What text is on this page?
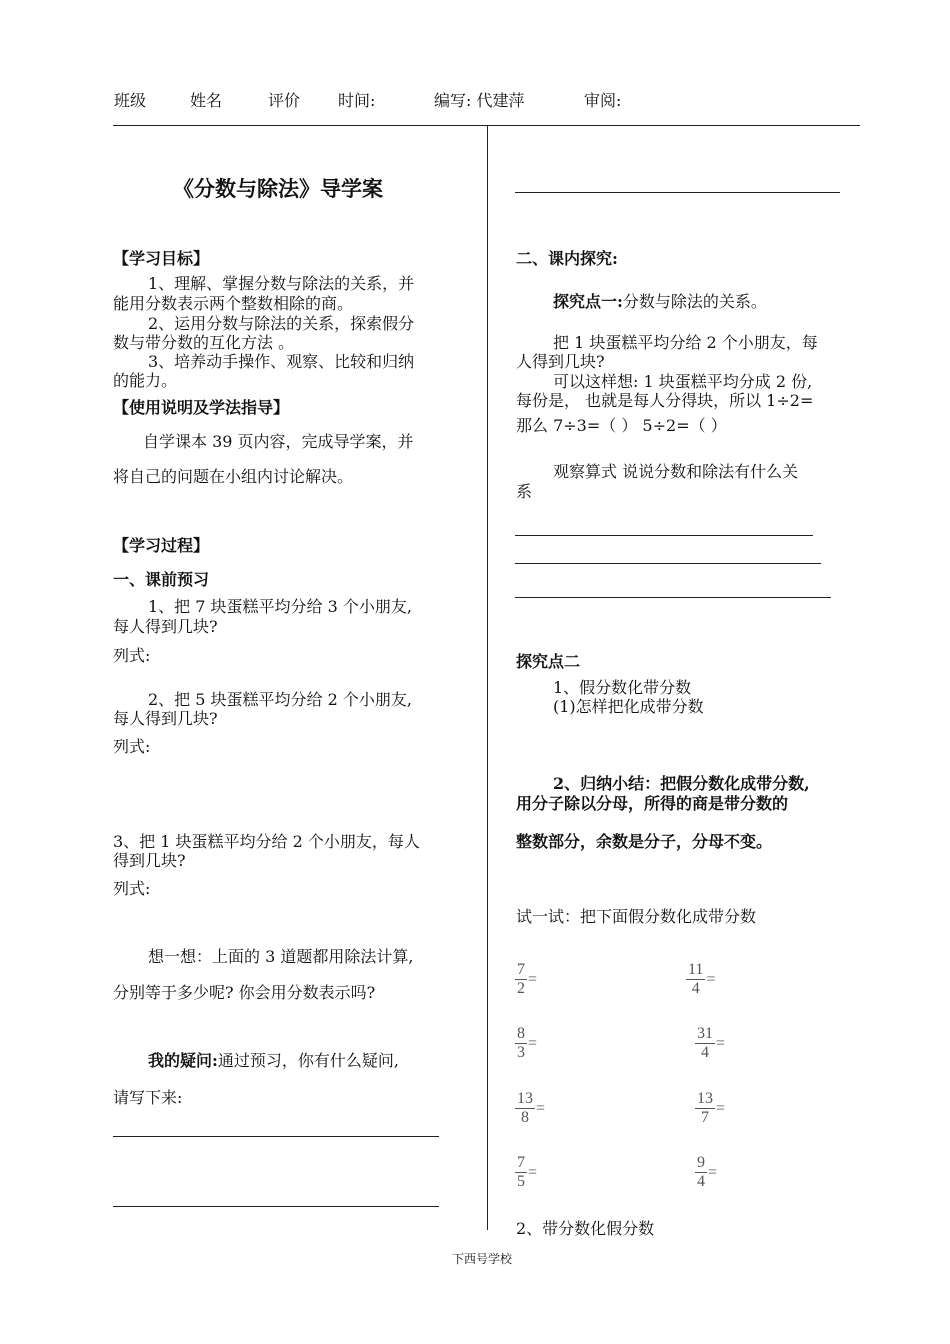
班级	姓名	评价 时间:	编写: 代建萍	审阅:
《分数与除法》导学案
【学习目标】
1、理解、掌握分数与除法的关系，并
能用分数表示两个整数相除的商。
2、运用分数与除法的关系，探索假分
数与带分数的互化方法 。
3、培养动手操作、观察、比较和归纳
的能力。
【使用说明及学法指导】
自学课本 39 页内容，完成导学案，并
将自己的问题在小组内讨论解决。
【学习过程】
一、课前预习
1、把 7 块蛋糕平均分给 3 个小朋友,
每人得到几块?
列式:
2、把 5 块蛋糕平均分给 2 个小朋友,
每人得到几块?
列式:
3、把 1 块蛋糕平均分给 2 个小朋友，每人
得到几块?
列式:
想一想：上面的 3 道题都用除法计算,
分别等于多少呢? 你会用分数表示吗?
我的疑问:通过预习，你有什么疑问,
请写下来:
二、课内探究:
探究点一:分数与除法的关系。
把 1 块蛋糕平均分给 2 个小朋友，每
人得到几块?
可以这样想: 1 块蛋糕平均分成 2 份,
每份是， 也就是每人分得块，所以 1÷2=
那么 7÷3=（ ） 5÷2=（ ）
观察算式 说说分数和除法有什么关
系
探究点二
1、假分数化带分数
(1)怎样把化成带分数
2、归纳小结：把假分数化成带分数,
用分子除以分母，所得的商是带分数的
整数部分，余数是分子，分母不变。
试一试：把下面假分数化成带分数
$\frac{7}{2}$ =	$\frac{11}{4}$ =
$\frac{8}{3}$ =	$\frac{31}{4}$ =
$\frac{13}{8}$ =	$\frac{13}{7}$ =
$\frac{7}{5}$ =	$\frac{9}{4}$ =
2、带分数化假分数
下西号学校
